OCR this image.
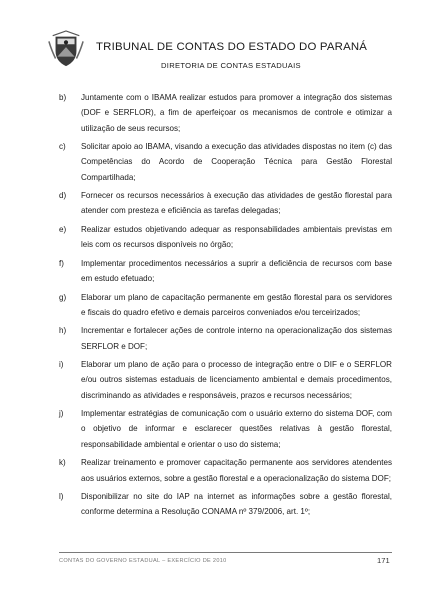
TRIBUNAL DE CONTAS DO ESTADO DO PARANÁ
DIRETORIA DE CONTAS ESTADUAIS
b)	Juntamente com o IBAMA realizar estudos para promover a integração dos sistemas (DOF e SERFLOR), a fim de aperfeiçoar os mecanismos de controle e otimizar a utilização de seus recursos;
c)	Solicitar apoio ao IBAMA, visando a execução das atividades dispostas no item (c) das Competências do Acordo de Cooperação Técnica para Gestão Florestal Compartilhada;
d)	Fornecer os recursos necessários à execução das atividades de gestão florestal para atender com presteza e eficiência as tarefas delegadas;
e)	Realizar estudos objetivando adequar as responsabilidades ambientais previstas em leis com os recursos disponíveis no órgão;
f)	Implementar procedimentos necessários a suprir a deficiência de recursos com base em estudo efetuado;
g)	Elaborar um plano de capacitação permanente em gestão florestal para os servidores e fiscais do quadro efetivo e demais parceiros conveniados e/ou terceirizados;
h)	Incrementar e fortalecer ações de controle interno na operacionalização dos sistemas SERFLOR e DOF;
i)	Elaborar um plano de ação para o processo de integração entre o DIF e o SERFLOR e/ou outros sistemas estaduais de licenciamento ambiental e demais procedimentos, discriminando as atividades e responsáveis, prazos e recursos necessários;
j)	Implementar estratégias de comunicação com o usuário externo do sistema DOF, com o objetivo de informar e esclarecer questões relativas à gestão florestal, responsabilidade ambiental e orientar o uso do sistema;
k)	Realizar treinamento e promover capacitação permanente aos servidores atendentes aos usuários externos, sobre a gestão florestal e a operacionalização do sistema DOF;
l)	Disponibilizar no site do IAP na internet as informações sobre a gestão florestal, conforme determina a Resolução CONAMA nº 379/2006, art. 1º;
CONTAS DO GOVERNO ESTADUAL – EXERCÍCIO DE 2010	171
